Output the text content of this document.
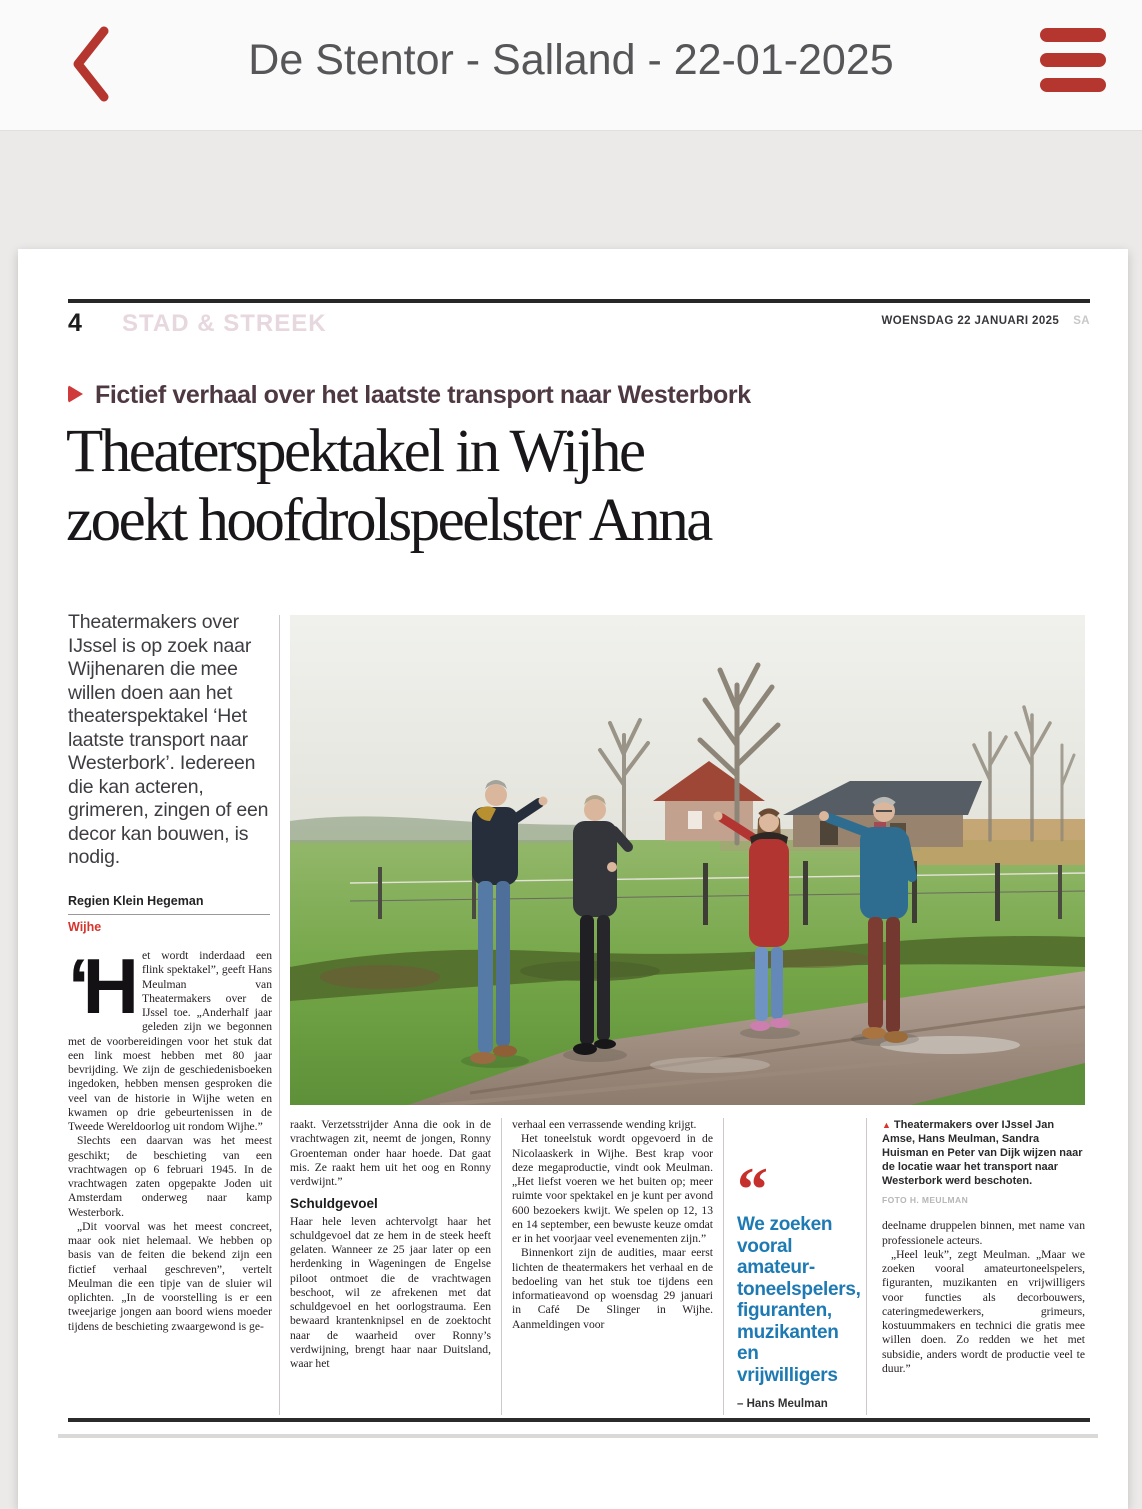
De Stentor - Salland - 22-01-2025
4 STAD & STREEK	WOENSDAG 22 JANUARI 2025 SA
Fictief verhaal over het laatste transport naar Westerbork
Theaterspektakel in Wijhe
zoekt hoofdrolspeelster Anna
Theatermakers over IJssel is op zoek naar Wijhenaren die mee willen doen aan het theaterspektakel ‘Het laatste transport naar Westerbork’. Iedereen die kan acteren, grimeren, zingen of een decor kan bouwen, is nodig.
Regien Klein Hegeman
Wijhe

‘Het wordt inderdaad een flink spektakel”, geeft Hans Meulman van Theatermakers over de IJssel toe. „Anderhalf jaar geleden zijn we begonnen met de voorbereidingen voor het stuk dat een link moest hebben met 80 jaar bevrijding. We zijn de geschiedenisboeken ingedoken, hebben mensen gesproken die veel van de historie in Wijhe weten en kwamen op drie gebeurtenissen in de Tweede Wereldoorlog uit rondom Wijhe.”

Slechts een daarvan was het meest geschikt; de beschieting van een vrachtwagen op 6 februari 1945. In de vrachtwagen zaten opgepakte Joden uit Amsterdam onderweg naar kamp Westerbork.

„Dit voorval was het meest concreet, maar ook niet helemaal. We hebben op basis van de feiten die bekend zijn een fictief verhaal geschreven”, vertelt Meulman die een tipje van de sluier wil oplichten. „In de voorstelling is er een tweejarige jongen aan boord wiens moeder tijdens de beschieting zwaargewond is ge-

raakt. Verzetsstrijder Anna die ook in de vrachtwagen zit, neemt de jongen, Ronny Groenteman onder haar hoede. Dat gaat mis. Ze raakt hem uit het oog en Ronny verdwijnt.”

Schuldgevoel

Haar hele leven achtervolgt haar het schuldgevoel dat ze hem in de steek heeft gelaten. Wanneer ze 25 jaar later op een herdenking in Wageningen de Engelse piloot ontmoet die de vrachtwagen beschoot, wil ze afrekenen met dat schuldgevoel en het oorlogstrauma. Een bewaard krantenknipsel en de zoektocht naar de waarheid over Ronny’s verdwijning, brengt haar naar Duitsland, waar het

verhaal een verrassende wending krijgt.

Het toneelstuk wordt opgevoerd in de Nicolaaskerk in Wijhe. Best krap voor deze megaproductie, vindt ook Meulman. „Het liefst voeren we het buiten op; meer ruimte voor spektakel en je kunt per avond 600 bezoekers kwijt. We spelen op 12, 13 en 14 september, een bewuste keuze omdat er in het voorjaar veel evenementen zijn.”

Binnenkort zijn de audities, maar eerst lichten de theatermakers het verhaal en de bedoeling van het stuk toe tijdens een informatieavond op woensdag 29 januari in Café De Slinger in Wijhe. Aanmeldingen voor

“
We zoeken vooral amateur-toneelspelers, figuranten, muzikanten en vrijwilligers
– Hans Meulman
▲ Theatermakers over IJssel Jan Amse, Hans Meulman, Sandra Huisman en Peter van Dijk wijzen naar de locatie waar het transport naar Westerbork werd beschoten.
FOTO H. MEULMAN

deelname druppelen binnen, met name van professionele acteurs.

„Heel leuk”, zegt Meulman. „Maar we zoeken vooral amateurtoneelspelers, figuranten, muzikanten en vrijwilligers voor functies als decorbouwers, cateringmedewerkers, grimeurs, kostuummakers en technici die gratis mee willen doen. Zo redden we het met subsidie, anders wordt de productie veel te duur.”
